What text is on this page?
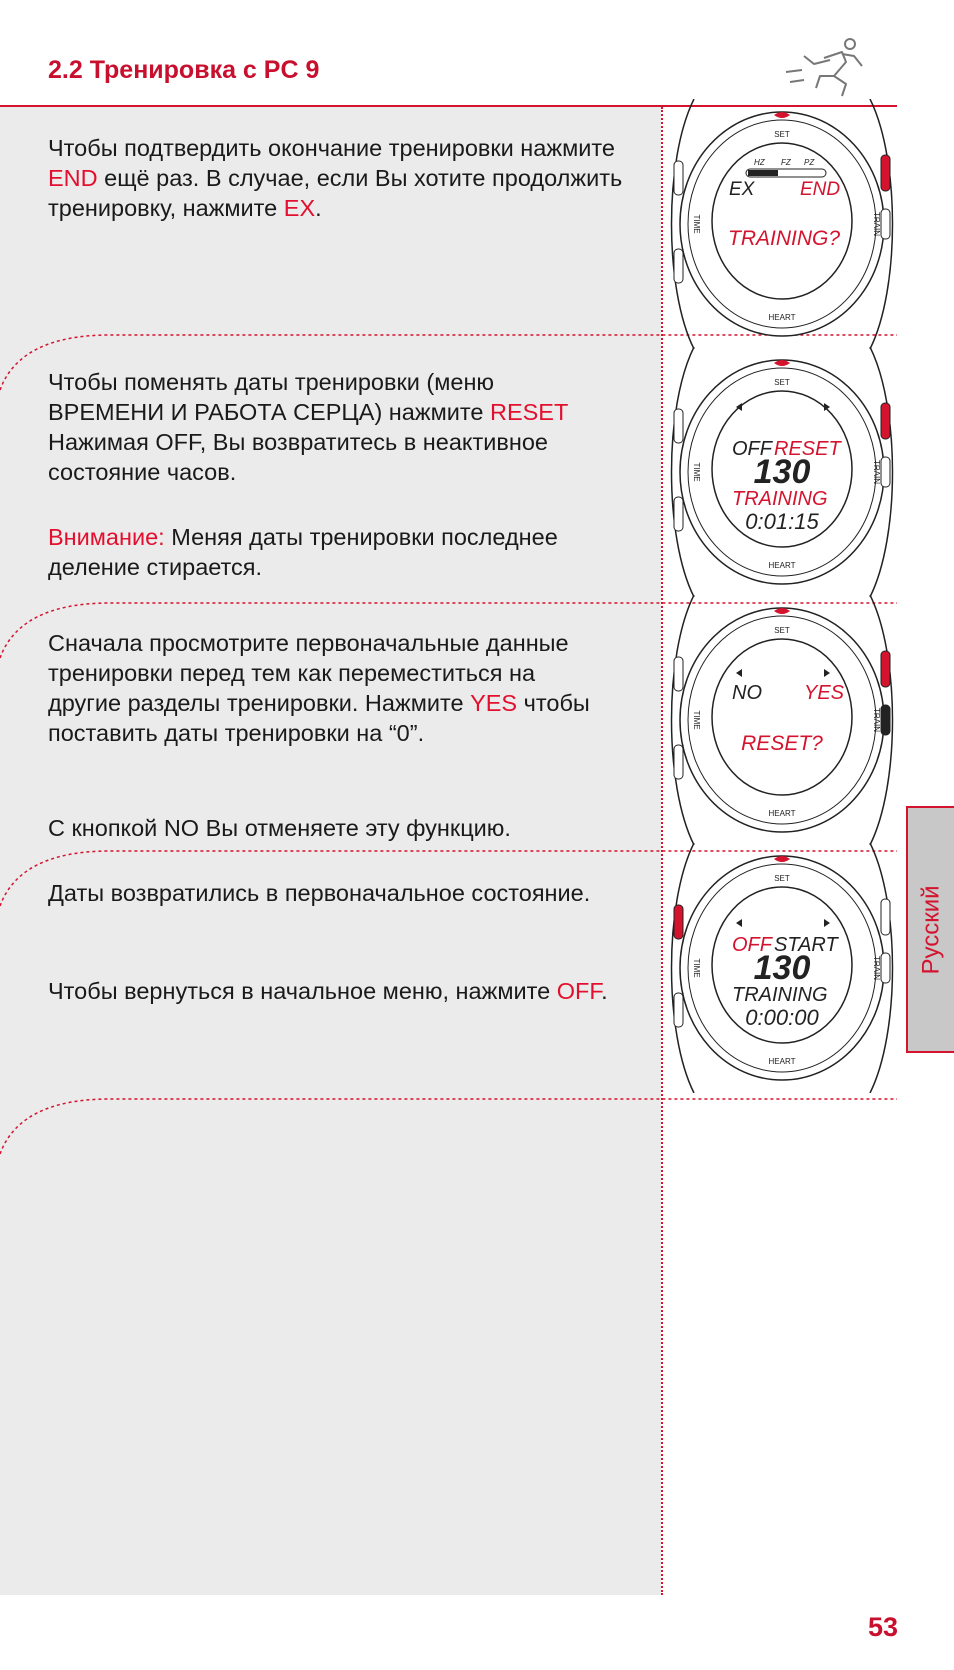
2.2 Тренировка с PC 9

Чтобы подтвердить окончание тренировки нажмите END ещё раз. В случае, если Вы хотите продолжить тренировку, нажмите EX.

Чтобы поменять даты тренировки (меню ВРЕМЕНИ И РАБОТА СЕРЦА) нажмите RESET Нажимая OFF, Вы возвратитесь в неактивное состояние часов.

Внимание: Меняя даты тренировки последнее деление стирается.

Сначала просмотрите первоначальные данные тренировки перед тем как переместиться на другие разделы тренировки. Нажмите YES чтобы поставить даты тренировки на “0”.

С кнопкой NO Вы отменяете эту функцию.

Даты возвратились в первоначальное состояние.

Чтобы вернуться в начальное меню, нажмите OFF.

SET
HEART
TIME	TRAIN
HZ FZ PZ
EX END
TRAINING?
SET
HEART
TIME	TRAIN
OFF RESET
130
TRAINING
0:01:15
SET
HEART
TIME	TRAIN
NO YES
RESET?
SET
HEART
TIME	TRAIN
OFF START
130
TRAINING
0:00:00
Русский
53
